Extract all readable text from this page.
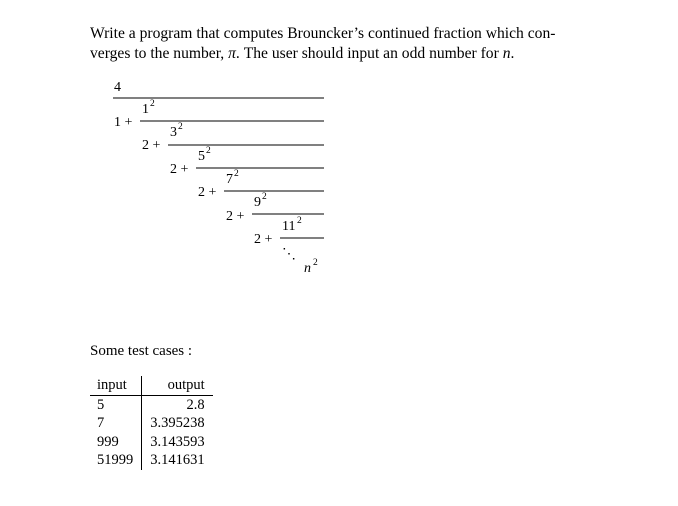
Write a program that computes Brouncker’s continued fraction which con-
verges to the number, π. The user should input an odd number for n.
4
1 +
1 2
2 +
3 2
2 +
5 2
2 +
7 2
2 +
9 2
2 +
11 2
⋱
n 2

Some test cases :

input	output
5	2.8
7	3.395238
999	3.143593
51999	3.141631
